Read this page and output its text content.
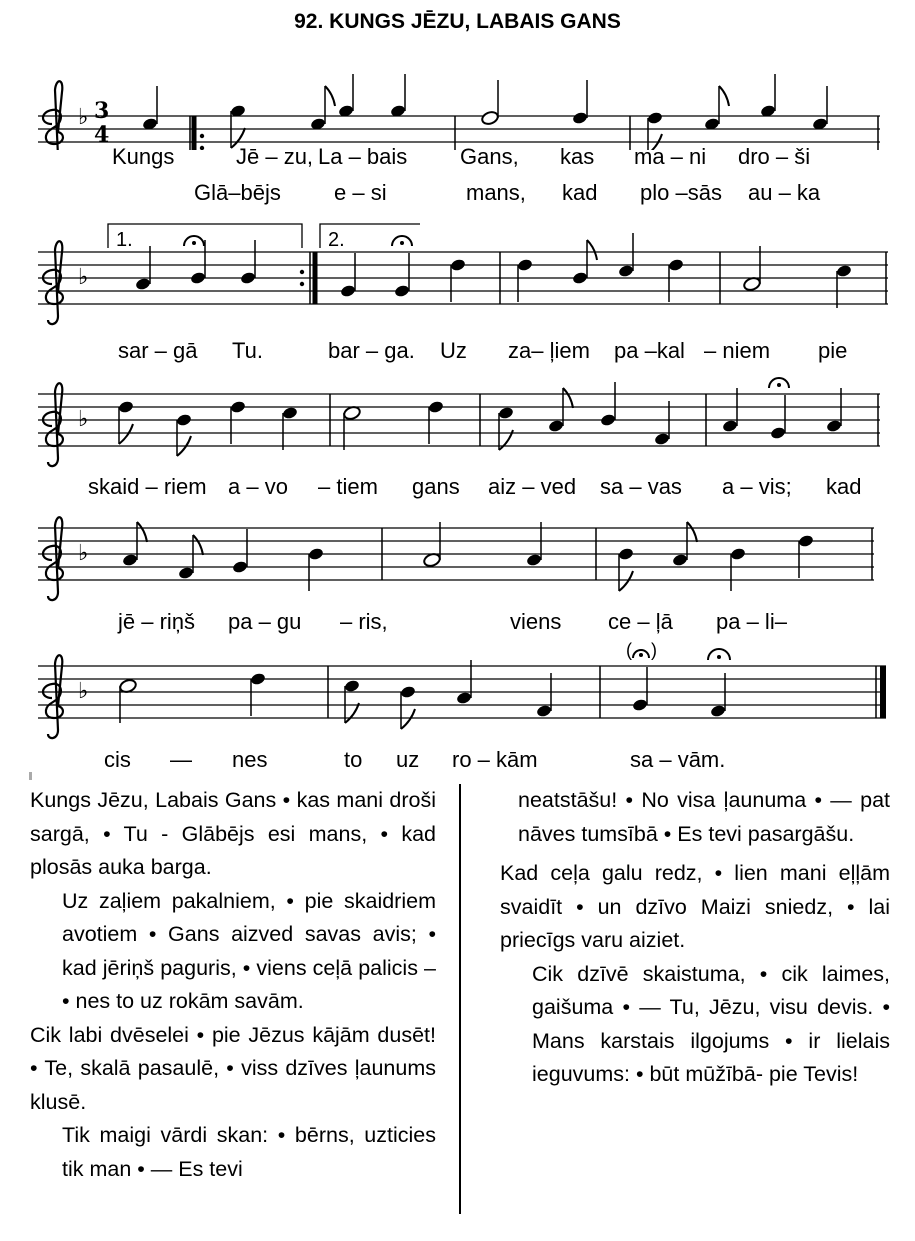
92. KUNGS JĒZU, LABAIS GANS
♭ 3
4
Kungs	Jē – zu, La – bais Gans, kas ma – ni dro – ši
Glā–bējs e – si	mans, kad plo –sās au – ka
♭
1.	2.
sar – gā Tu.	bar – ga. Uz za– ļiem pa –kal – niem pie
♭
skaid – riem a – vo – tiem gans aiz – ved sa – vas a – vis; kad
♭
jē – riņš pa – gu – ris,	viens ce – ļā pa – li–
♭
( )
cis — nes	to uz ro – kām	sa – vām.

Kungs Jēzu, Labais Gans • kas mani droši sargā, • Tu - Glābējs esi mans, • kad plosās auka barga.

Uz zaļiem pakalniem, • pie skaidriem avotiem • Gans aizved savas avis; • kad jēriņš paguris, • viens ceļā palicis – • nes to uz rokām savām.

Cik labi dvēselei • pie Jēzus kājām dusēt! • Te, skalā pasaulē, • viss dzīves ļaunums klusē.

Tik maigi vārdi skan: • bērns, uzticies tik man • — Es tevi

neatstāšu! • No visa ļaunuma • — pat nāves tumsībā • Es tevi pasargāšu.

Kad ceļa galu redz, • lien mani eļļām svaidīt • un dzīvo Maizi sniedz, • lai priecīgs varu aiziet.

Cik dzīvē skaistuma, • cik laimes, gaišuma • — Tu, Jēzu, visu devis. • Mans karstais ilgojums • ir lielais ieguvums: • būt mūžībā- pie Tevis!
